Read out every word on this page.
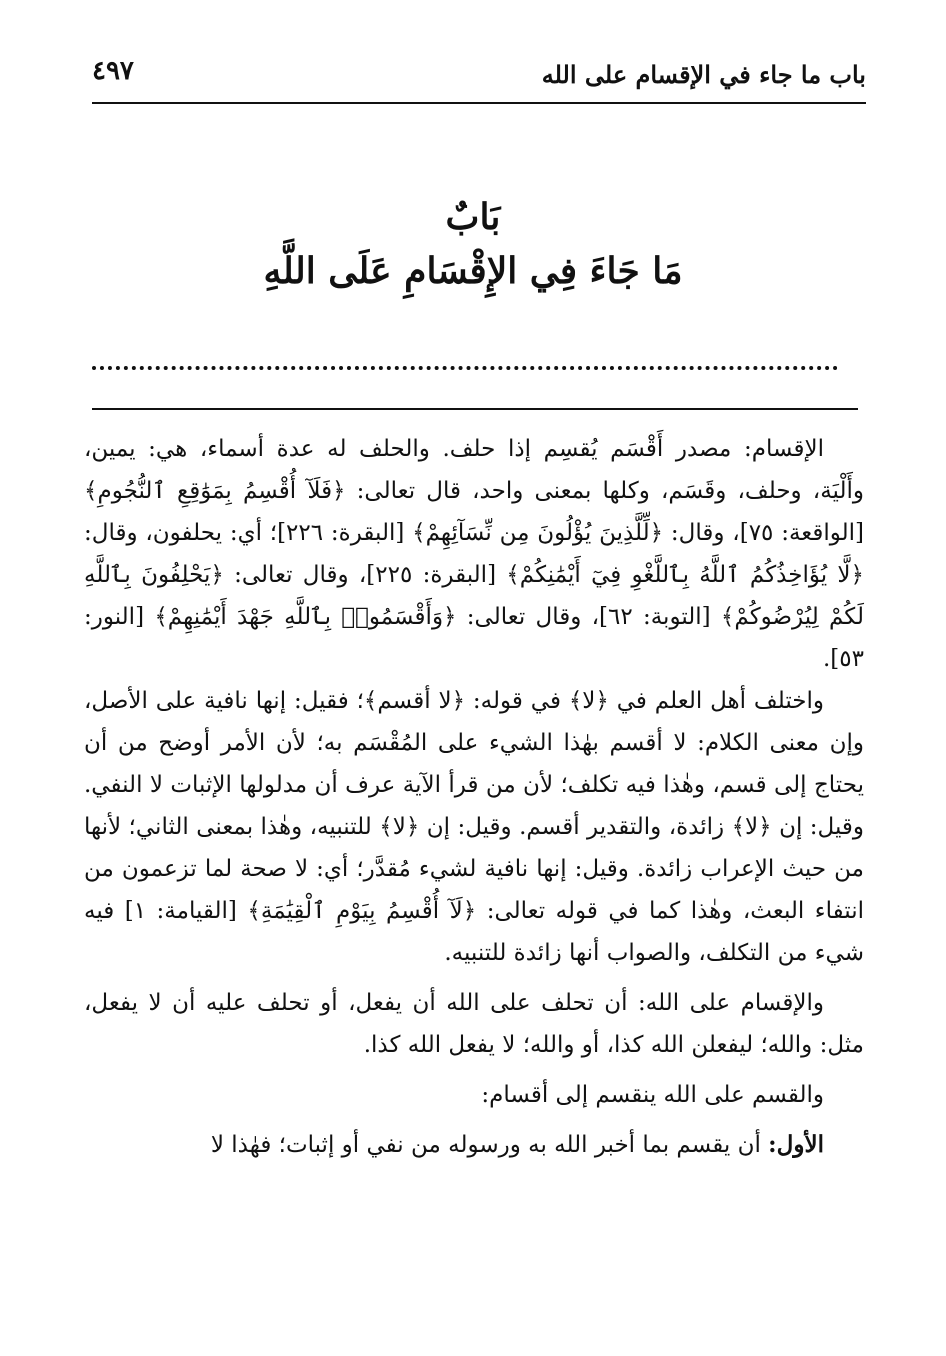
باب ما جاء في الإقسام على الله
٤٩٧
بَابٌ
مَا جَاءَ فِي الإِقْسَامِ عَلَى اللَّهِ

الإقسام: مصدر أَقْسَم يُقسِم إذا حلف. والحلف له عدة أسماء، هي: يمين، وأَلْيَة، وحلف، وقَسَم، وكلها بمعنى واحد، قال تعالى: ﴿فَلَآ أُقْسِمُ بِمَوَٰقِعِ ٱلنُّجُومِ﴾ [الواقعة: ٧٥]، وقال: ﴿لِّلَّذِينَ يُؤْلُونَ مِن نِّسَآئِهِمْ﴾ [البقرة: ٢٢٦]؛ أي: يحلفون، وقال: ﴿لَّا يُؤَاخِذُكُمُ ٱللَّهُ بِٱللَّغْوِ فِيٓ أَيْمَٰنِكُمْ﴾ [البقرة: ٢٢٥]، وقال تعالى: ﴿يَحْلِفُونَ بِٱللَّهِ لَكُمْ لِيُرْضُوكُمْ﴾ [التوبة: ٦٢]، وقال تعالى: ﴿وَأَقْسَمُوا۟ بِٱللَّهِ جَهْدَ أَيْمَٰنِهِمْ﴾ [النور: ٥٣].

واختلف أهل العلم في ﴿لا﴾ في قوله: ﴿لا أقسم﴾؛ فقيل: إنها نافية على الأصل، وإن معنى الكلام: لا أقسم بهٰذا الشيء على المُقْسَم به؛ لأن الأمر أوضح من أن يحتاج إلى قسم، وهٰذا فيه تكلف؛ لأن من قرأ الآية عرف أن مدلولها الإثبات لا النفي. وقيل: إن ﴿لا﴾ زائدة، والتقدير أقسم. وقيل: إن ﴿لا﴾ للتنبيه، وهٰذا بمعنى الثاني؛ لأنها من حيث الإعراب زائدة. وقيل: إنها نافية لشيء مُقدَّر؛ أي: لا صحة لما تزعمون من انتفاء البعث، وهٰذا كما في قوله تعالى: ﴿لَآ أُقْسِمُ بِيَوْمِ ٱلْقِيَٰمَةِ﴾ [القيامة: ١] فيه شيء من التكلف، والصواب أنها زائدة للتنبيه.

والإقسام على الله: أن تحلف على الله أن يفعل، أو تحلف عليه أن لا يفعل، مثل: والله؛ ليفعلن الله كذا، أو والله؛ لا يفعل الله كذا.

والقسم على الله ينقسم إلى أقسام:

الأول: أن يقسم بما أخبر الله به ورسوله من نفي أو إثبات؛ فهٰذا لا
